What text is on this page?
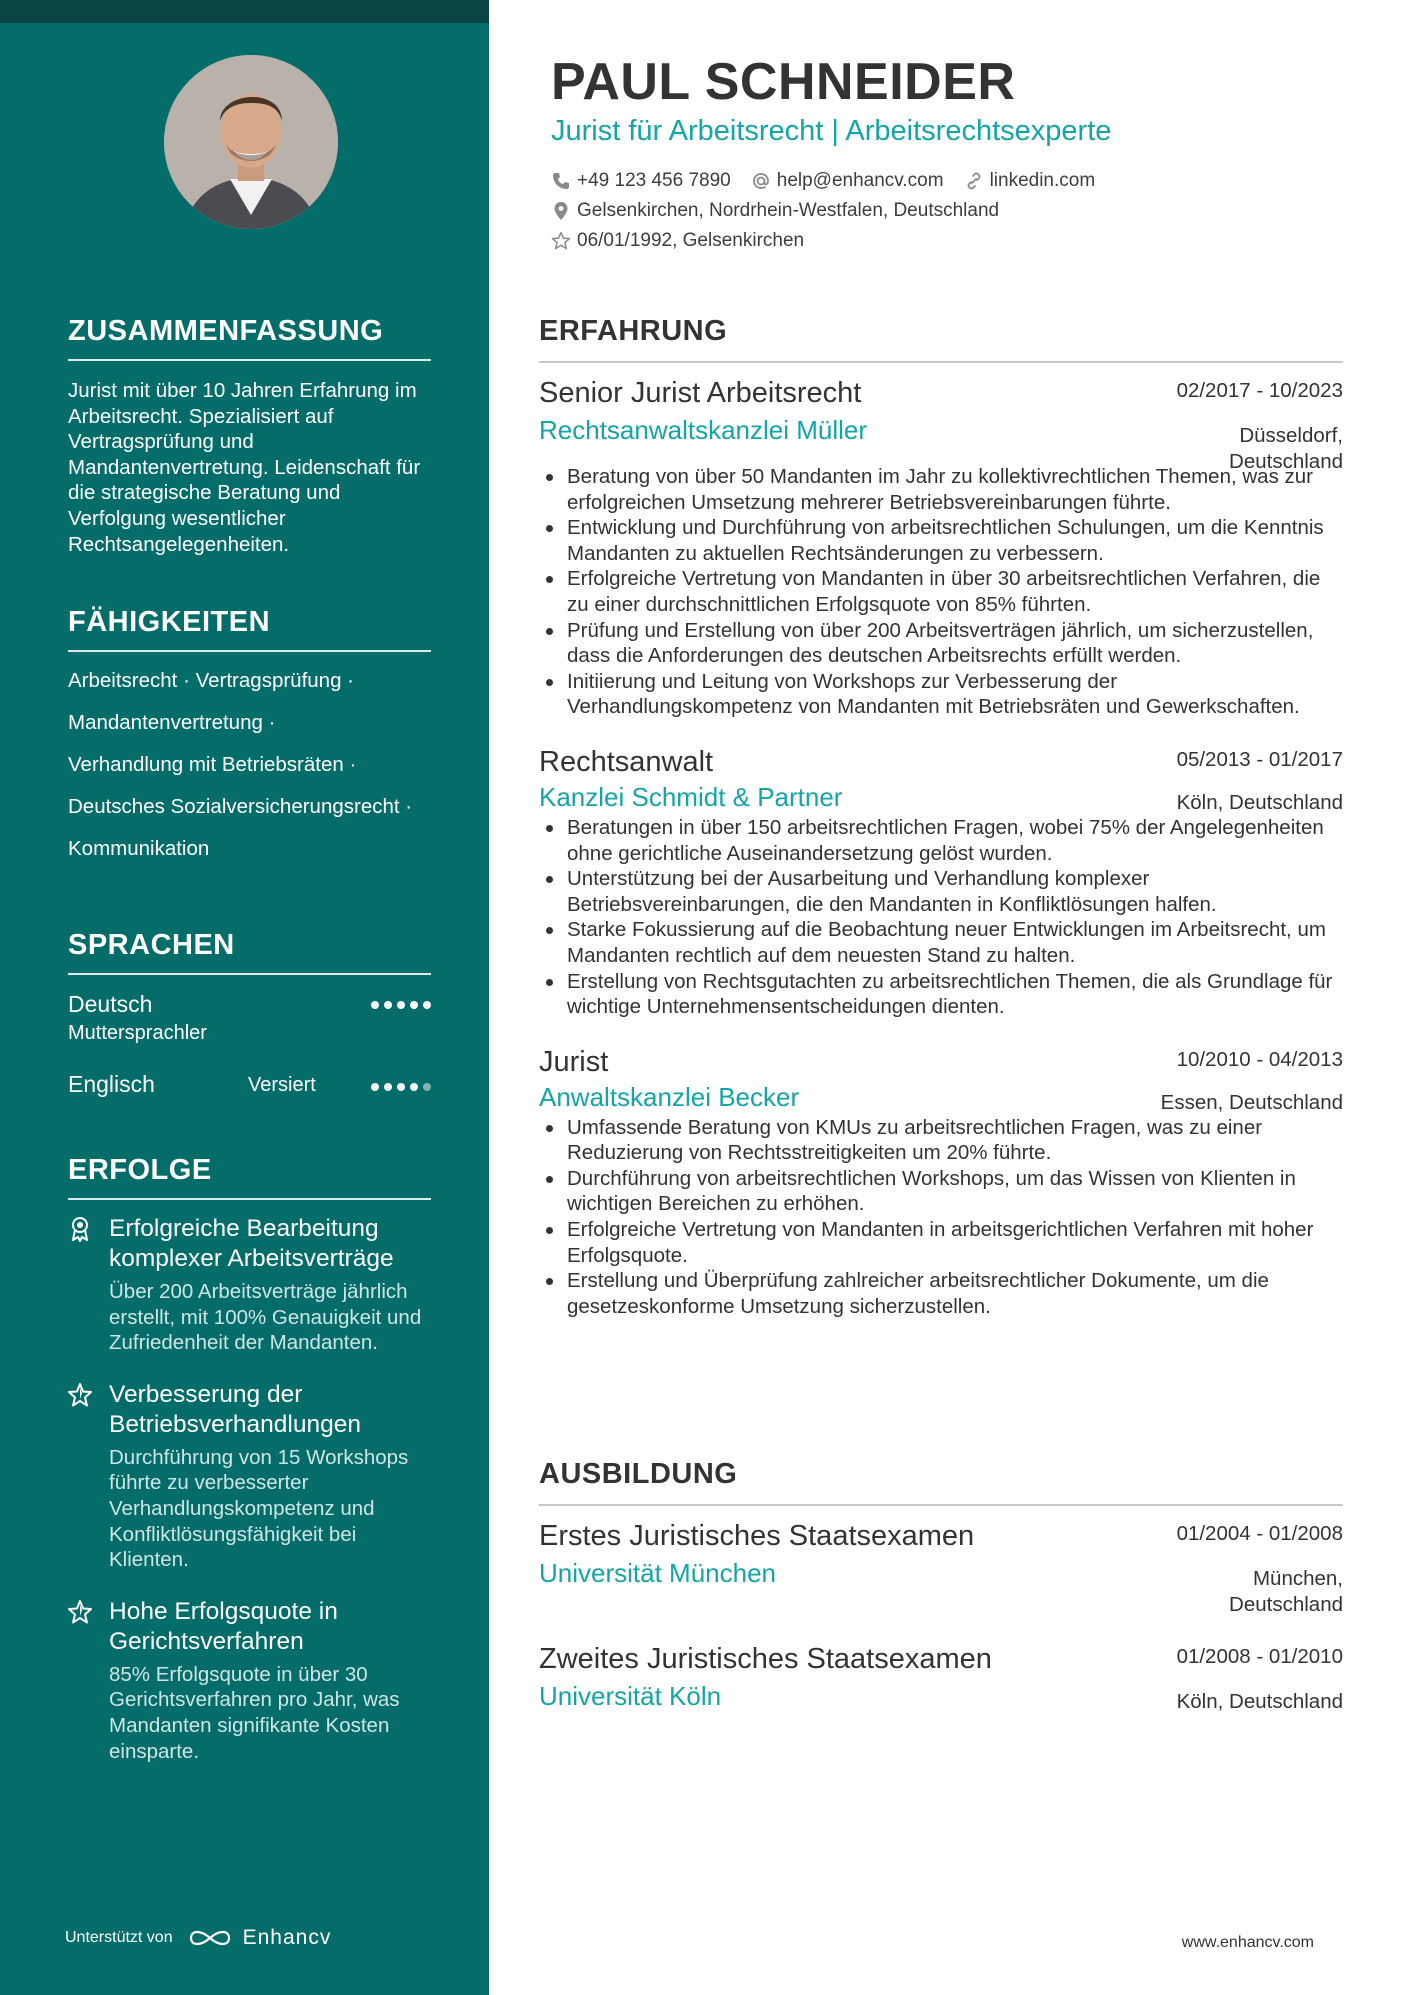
ZUSAMMENFASSUNG

Jurist mit über 10 Jahren Erfahrung im Arbeitsrecht. Spezialisiert auf Vertragsprüfung und Mandantenvertretung. Leidenschaft für die strategische Beratung und Verfolgung wesentlicher Rechtsangelegenheiten.

FÄHIGKEITEN
Arbeitsrecht · Vertragsprüfung ·
Mandantenvertretung ·
Verhandlung mit Betriebsräten ·
Deutsches Sozialversicherungsrecht ·
Kommunikation
SPRACHEN
Deutsch
Muttersprachler
Englisch	Versiert
ERFOLGE
Erfolgreiche Bearbeitung komplexer Arbeitsverträge
Über 200 Arbeitsverträge jährlich erstellt, mit 100% Genauigkeit und Zufriedenheit der Mandanten.
Verbesserung der Betriebsverhandlungen
Durchführung von 15 Workshops führte zu verbesserter Verhandlungskompetenz und Konfliktlösungsfähigkeit bei Klienten.
Hohe Erfolgsquote in Gerichtsverfahren
85% Erfolgsquote in über 30 Gerichtsverfahren pro Jahr, was Mandanten signifikante Kosten einsparte.
Unterstützt von	Enhancv
PAUL SCHNEIDER
Jurist für Arbeitsrecht | Arbeitsrechtsexperte
+49 123 456 7890 help@enhancv.com linkedin.com
Gelsenkirchen, Nordrhein-Westfalen, Deutschland
06/01/1992, Gelsenkirchen
ERFAHRUNG
Senior Jurist Arbeitsrecht	02/2017 - 10/2023
Rechtsanwaltskanzlei Müller	Düsseldorf,
Deutschland
Beratung von über 50 Mandanten im Jahr zu kollektivrechtlichen Themen, was zur erfolgreichen Umsetzung mehrerer Betriebsvereinbarungen führte.
Entwicklung und Durchführung von arbeitsrechtlichen Schulungen, um die Kenntnis Mandanten zu aktuellen Rechtsänderungen zu verbessern.
Erfolgreiche Vertretung von Mandanten in über 30 arbeitsrechtlichen Verfahren, die zu einer durchschnittlichen Erfolgsquote von 85% führten.
Prüfung und Erstellung von über 200 Arbeitsverträgen jährlich, um sicherzustellen, dass die Anforderungen des deutschen Arbeitsrechts erfüllt werden.
Initiierung und Leitung von Workshops zur Verbesserung der Verhandlungskompetenz von Mandanten mit Betriebsräten und Gewerkschaften.
Rechtsanwalt	05/2013 - 01/2017
Kanzlei Schmidt & Partner	Köln, Deutschland
Beratungen in über 150 arbeitsrechtlichen Fragen, wobei 75% der Angelegenheiten ohne gerichtliche Auseinandersetzung gelöst wurden.
Unterstützung bei der Ausarbeitung und Verhandlung komplexer Betriebsvereinbarungen, die den Mandanten in Konfliktlösungen halfen.
Starke Fokussierung auf die Beobachtung neuer Entwicklungen im Arbeitsrecht, um Mandanten rechtlich auf dem neuesten Stand zu halten.
Erstellung von Rechtsgutachten zu arbeitsrechtlichen Themen, die als Grundlage für wichtige Unternehmensentscheidungen dienten.
Jurist	10/2010 - 04/2013
Anwaltskanzlei Becker	Essen, Deutschland
Umfassende Beratung von KMUs zu arbeitsrechtlichen Fragen, was zu einer Reduzierung von Rechtsstreitigkeiten um 20% führte.
Durchführung von arbeitsrechtlichen Workshops, um das Wissen von Klienten in wichtigen Bereichen zu erhöhen.
Erfolgreiche Vertretung von Mandanten in arbeitsgerichtlichen Verfahren mit hoher Erfolgsquote.
Erstellung und Überprüfung zahlreicher arbeitsrechtlicher Dokumente, um die gesetzeskonforme Umsetzung sicherzustellen.
AUSBILDUNG
Erstes Juristisches Staatsexamen	01/2004 - 01/2008
Universität München	München,
Deutschland
Zweites Juristisches Staatsexamen	01/2008 - 01/2010
Universität Köln	Köln, Deutschland
www.enhancv.com
